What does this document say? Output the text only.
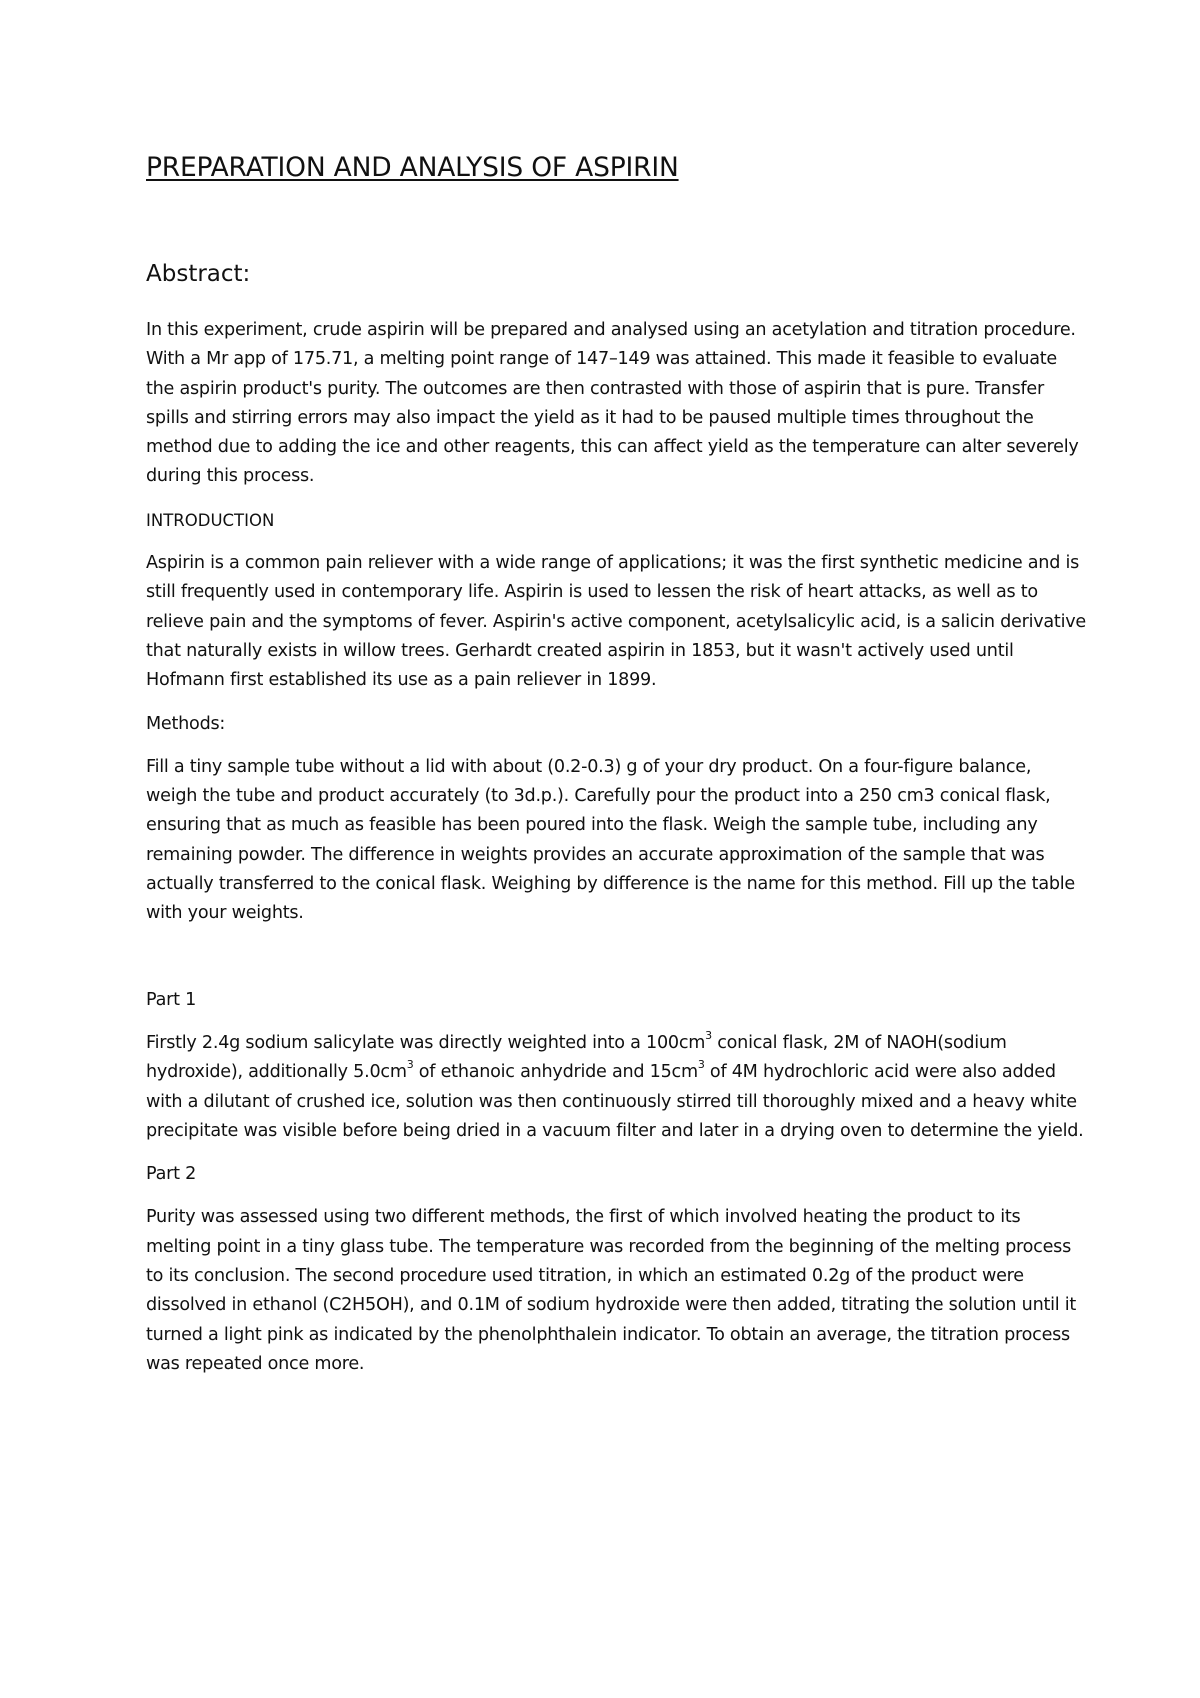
PREPARATION AND ANALYSIS OF ASPIRIN
Abstract:

In this experiment, crude aspirin will be prepared and analysed using an acetylation and titration procedure. With a Mr app of 175.71, a melting point range of 147–149 was attained. This made it feasible to evaluate the aspirin product's purity. The outcomes are then contrasted with those of aspirin that is pure. Transfer spills and stirring errors may also impact the yield as it had to be paused multiple times throughout the method due to adding the ice and other reagents, this can affect yield as the temperature can alter severely during this process.

INTRODUCTION

Aspirin is a common pain reliever with a wide range of applications; it was the first synthetic medicine and is still frequently used in contemporary life. Aspirin is used to lessen the risk of heart attacks, as well as to relieve pain and the symptoms of fever. Aspirin's active component, acetylsalicylic acid, is a salicin derivative that naturally exists in willow trees. Gerhardt created aspirin in 1853, but it wasn't actively used until Hofmann first established its use as a pain reliever in 1899.

Methods:

Fill a tiny sample tube without a lid with about (0.2-0.3) g of your dry product. On a four-figure balance, weigh the tube and product accurately (to 3d.p.). Carefully pour the product into a 250 cm3 conical flask, ensuring that as much as feasible has been poured into the flask. Weigh the sample tube, including any remaining powder. The difference in weights provides an accurate approximation of the sample that was actually transferred to the conical flask. Weighing by difference is the name for this method. Fill up the table with your weights.

Part 1

Firstly 2.4g sodium salicylate was directly weighted into a $100cm^3$ conical flask, 2M of NAOH(sodium hydroxide), additionally $5.0cm^3$ of ethanoic anhydride and $15cm^3$ of 4M hydrochloric acid were also added with a dilutant of crushed ice, solution was then continuously stirred till thoroughly mixed and a heavy white precipitate was visible before being dried in a vacuum filter and later in a drying oven to determine the yield.

Part 2

Purity was assessed using two different methods, the first of which involved heating the product to its melting point in a tiny glass tube. The temperature was recorded from the beginning of the melting process to its conclusion. The second procedure used titration, in which an estimated 0.2g of the product were dissolved in ethanol (C2H5OH), and 0.1M of sodium hydroxide were then added, titrating the solution until it turned a light pink as indicated by the phenolphthalein indicator. To obtain an average, the titration process was repeated once more.
